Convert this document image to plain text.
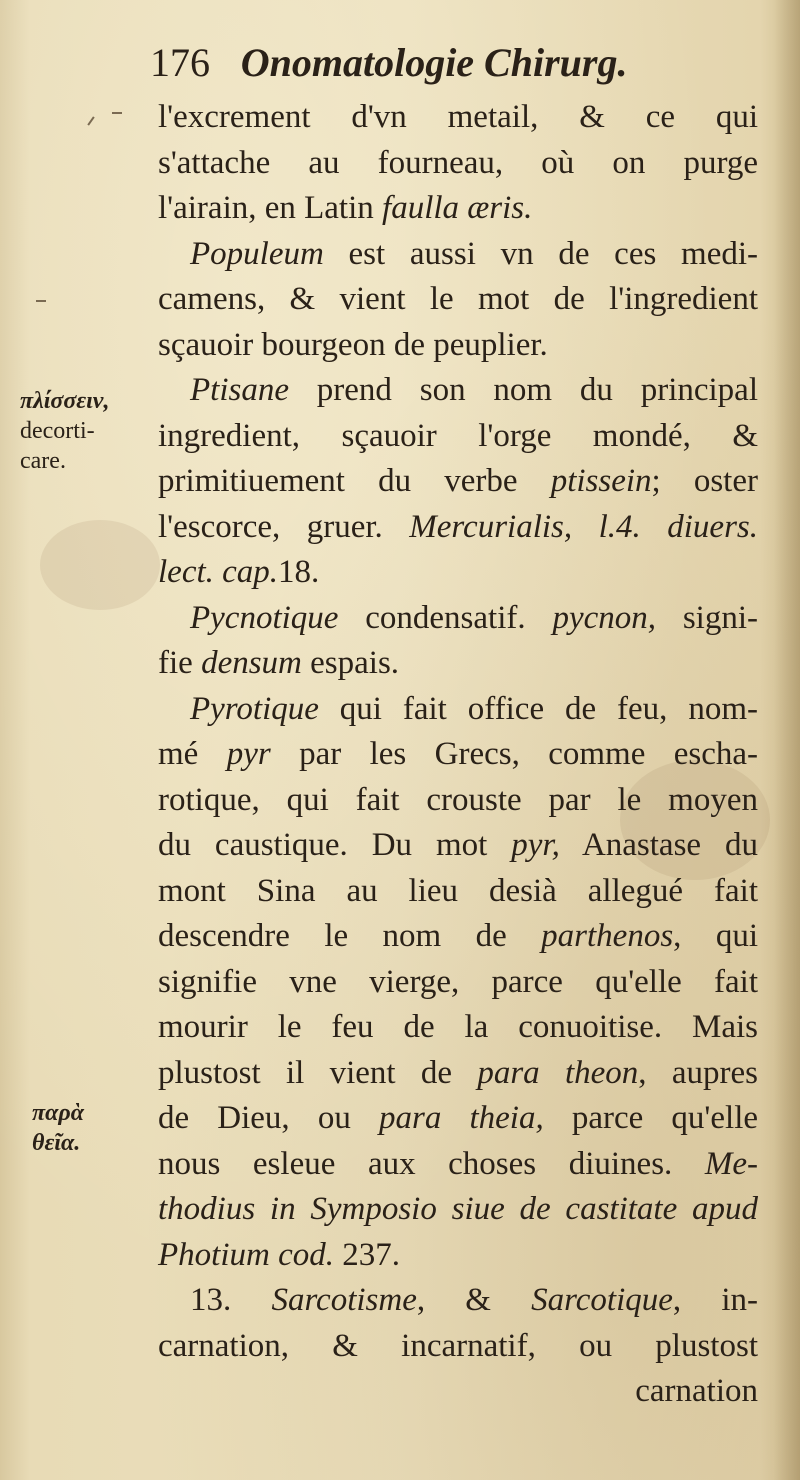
176 Onomatologie Chirurg.
πλίσσειν,
decorti-
care.
παρὰ
θεῖα.
l'excrement d'vn metail, & ce qui
s'attache au fourneau, où on purge
l'airain, en Latin faulla æris.
Populeum est aussi vn de ces medi-
camens, & vient le mot de l'ingredient
sçauoir bourgeon de peuplier.
Ptisane prend son nom du principal
ingredient, sçauoir l'orge mondé, &
primitiuement du verbe ptissein; oster
l'escorce, gruer. Mercurialis, l.4. diuers.
lect. cap.18.
Pycnotique condensatif. pycnon, signi-
fie densum espais.
Pyrotique qui fait office de feu, nom-
mé pyr par les Grecs, comme escha-
rotique, qui fait crouste par le moyen
du caustique. Du mot pyr, Anastase du
mont Sina au lieu desià allegué fait
descendre le nom de parthenos, qui
signifie vne vierge, parce qu'elle fait
mourir le feu de la conuoitise. Mais
plustost il vient de para theon, aupres
de Dieu, ou para theia, parce qu'elle
nous esleue aux choses diuines. Me-
thodius in Symposio siue de castitate apud
Photium cod. 237.
13. Sarcotisme, & Sarcotique, in-
carnation, & incarnatif, ou plustost
carnation
